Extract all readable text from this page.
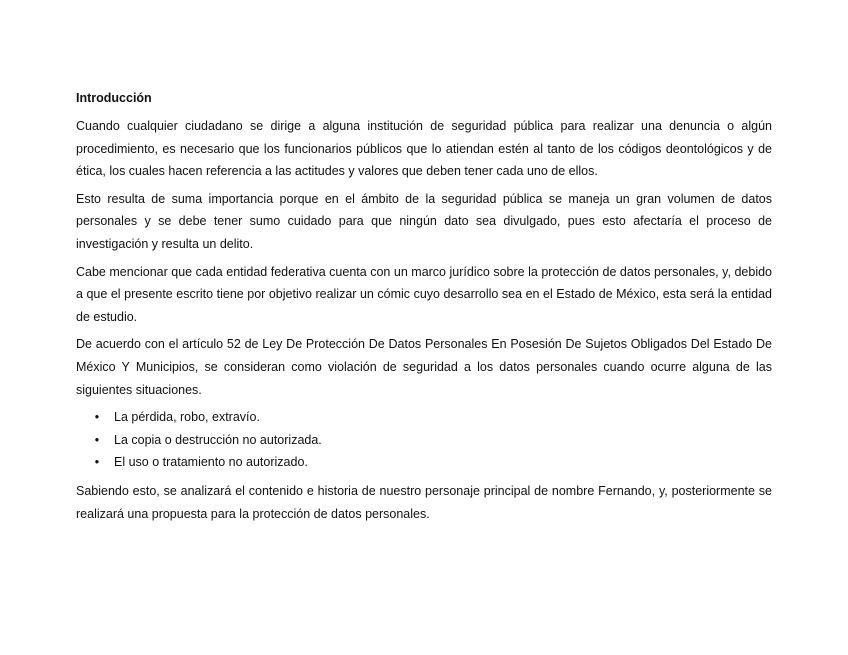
Introducción

Cuando cualquier ciudadano se dirige a alguna institución de seguridad pública para realizar una denuncia o algún procedimiento, es necesario que los funcionarios públicos que lo atiendan estén al tanto de los códigos deontológicos y de ética, los cuales hacen referencia a las actitudes y valores que deben tener cada uno de ellos.

Esto resulta de suma importancia porque en el ámbito de la seguridad pública se maneja un gran volumen de datos personales y se debe tener sumo cuidado para que ningún dato sea divulgado, pues esto afectaría el proceso de investigación y resulta un delito.

Cabe mencionar que cada entidad federativa cuenta con un marco jurídico sobre la protección de datos personales, y, debido a que el presente escrito tiene por objetivo realizar un cómic cuyo desarrollo sea en el Estado de México, esta será la entidad de estudio.

De acuerdo con el artículo 52 de Ley De Protección De Datos Personales En Posesión De Sujetos Obligados Del Estado De México Y Municipios, se consideran como violación de seguridad a los datos personales cuando ocurre alguna de las siguientes situaciones.

• La pérdida, robo, extravío.
• La copia o destrucción no autorizada.
• El uso o tratamiento no autorizado.

Sabiendo esto, se analizará el contenido e historia de nuestro personaje principal de nombre Fernando, y, posteriormente se realizará una propuesta para la protección de datos personales.
